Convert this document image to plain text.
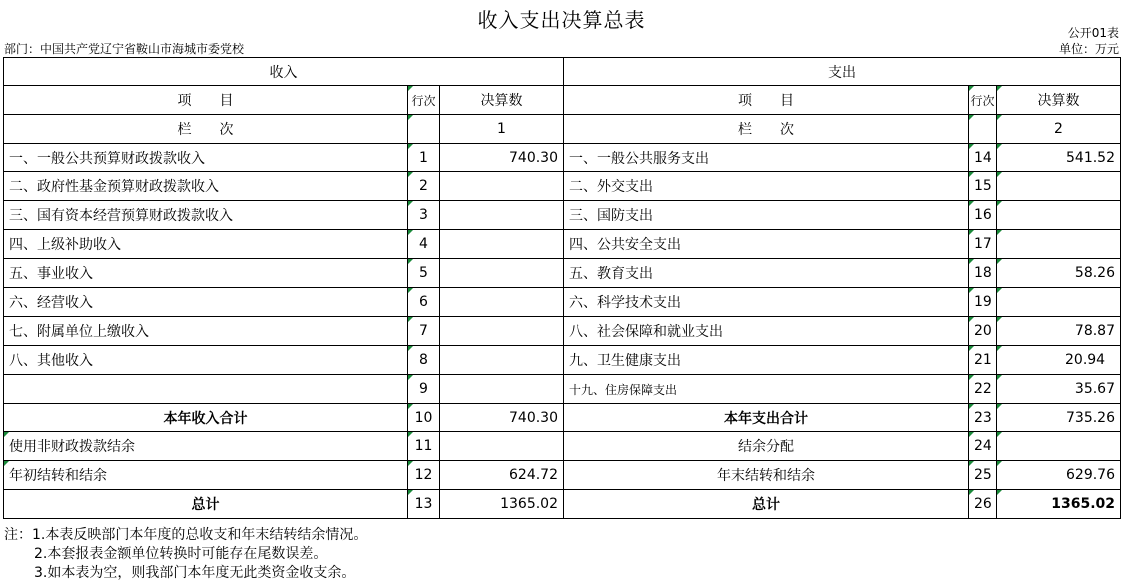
收入支出决算总表
部门：中国共产党辽宁省鞍山市海城市委党校
公开01表
单位：万元
收入			支出		
项　　目	行次	决算数	项　　目	行次	决算数
栏　　次		1	栏　　次		2
一、一般公共预算财政拨款收入	1	740.30	一、一般公共服务支出	14	541.52
二、政府性基金预算财政拨款收入	2		二、外交支出	15	
三、国有资本经营预算财政拨款收入	3		三、国防支出	16	
四、上级补助收入	4		四、公共安全支出	17	
五、事业收入	5		五、教育支出	18	58.26
六、经营收入	6		六、科学技术支出	19	
七、附属单位上缴收入	7		八、社会保障和就业支出	20	78.87
八、其他收入	8		九、卫生健康支出	21	20.94
	9		十九、住房保障支出	22	35.67
本年收入合计	10	740.30	本年支出合计	23	735.26
使用非财政拨款结余	11		结余分配	24	
年初结转和结余	12	624.72	年末结转和结余	25	629.76
总计	13	1365.02	总计	26	1365.02
注：1.本表反映部门本年度的总收支和年末结转结余情况。
2.本套报表金额单位转换时可能存在尾数误差。
3.如本表为空，则我部门本年度无此类资金收支余。
